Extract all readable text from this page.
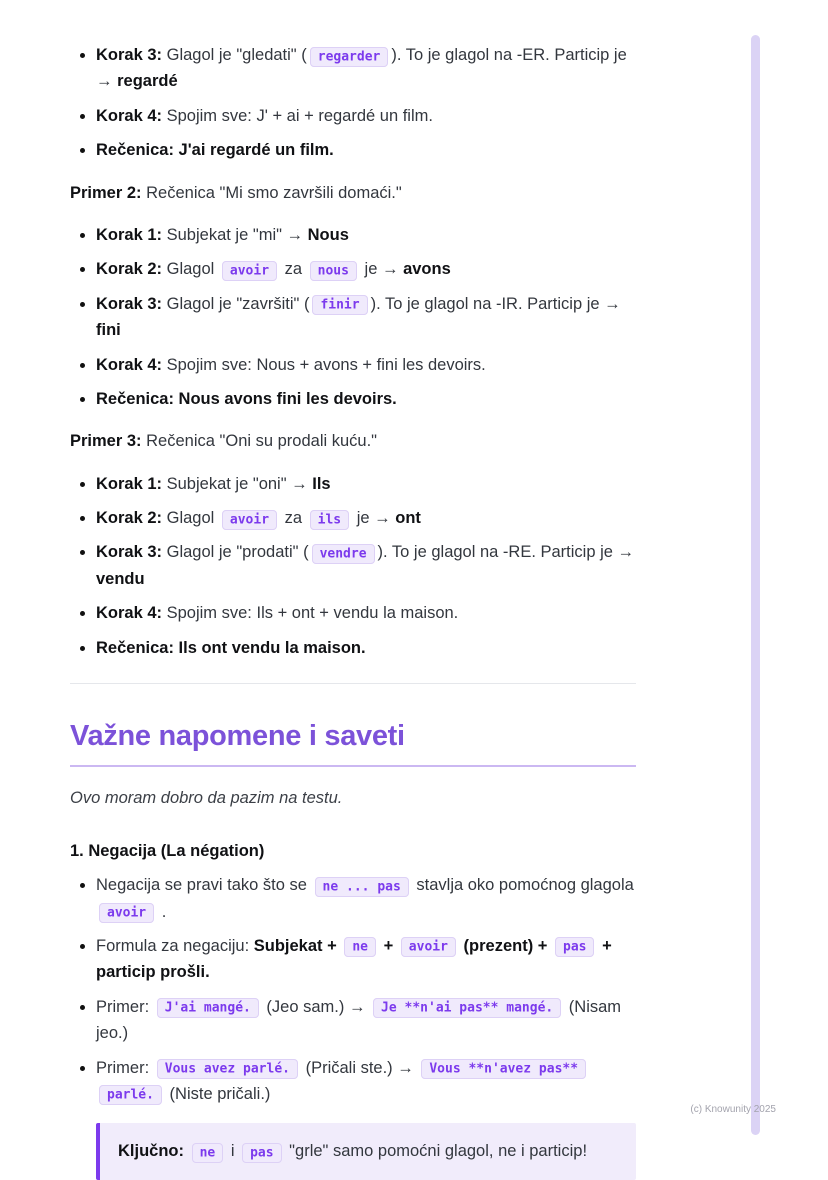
• Korak 3: Glagol je "gledati" ( regarder ). To je glagol na -ER. Particip je → regardé
• Korak 4: Spojim sve: J' + ai + regardé un film.
• Rečenica: J'ai regardé un film.

Primer 2: Rečenica "Mi smo završili domaći."

• Korak 1: Subjekat je "mi" → Nous
• Korak 2: Glagol avoir za nous je → avons
• Korak 3: Glagol je "završiti" ( finir ). To je glagol na -IR. Particip je → fini
• Korak 4: Spojim sve: Nous + avons + fini les devoirs.
• Rečenica: Nous avons fini les devoirs.

Primer 3: Rečenica "Oni su prodali kuću."

• Korak 1: Subjekat je "oni" → Ils
• Korak 2: Glagol avoir za ils je → ont
• Korak 3: Glagol je "prodati" ( vendre ). To je glagol na -RE. Particip je → vendu
• Korak 4: Spojim sve: Ils + ont + vendu la maison.
• Rečenica: Ils ont vendu la maison.
Važne napomene i saveti

Ovo moram dobro da pazim na testu.

1. Negacija (La négation)

• Negacija se pravi tako što se ne ... pas stavlja oko pomoćnog glagola avoir .
• Formula za negaciju: Subjekat + ne + avoir (prezent) + pas + particip prošli.
• Primer: J'ai mangé. (Jeo sam.) → Je **n'ai pas** mangé. (Nisam jeo.)
• Primer: Vous avez parlé. (Pričali ste.) → Vous **n'avez pas** parlé. (Niste pričali.)
Ključno: ne i pas "grle" samo pomoćni glagol, ne i particip!
(c) Knowunity 2025
